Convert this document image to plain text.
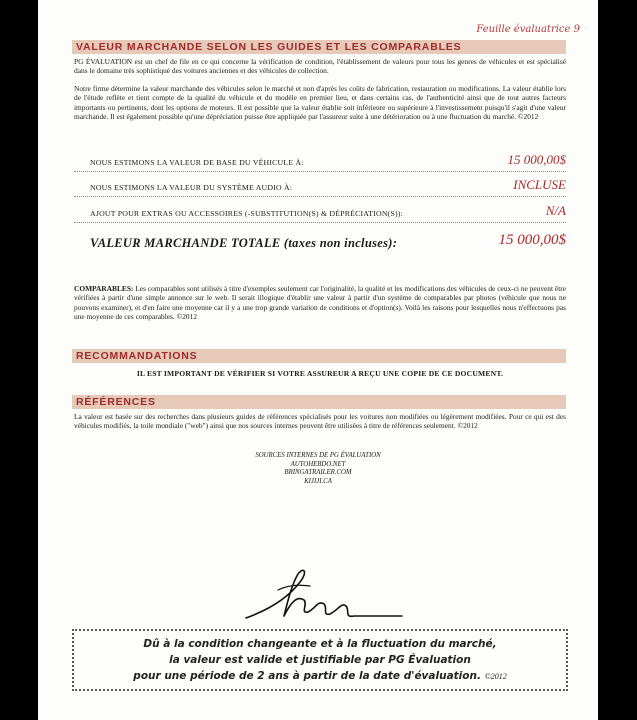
Feuille évaluatrice 9
VALEUR MARCHANDE SELON LES GUIDES ET LES COMPARABLES

PG ÉVALUATION est un chef de file en ce qui concerne la vérification de condition, l'établissement de valeurs pour tous les genres de véhicules et est spécialisé dans le domaine très sophistiqué des voitures anciennes et des véhicules de collection.

Notre firme détermine la valeur marchande des véhicules selon le marché et non d'après les coûts de fabrication, restauration ou modifications. La valeur établie lors de l'étude reflète et tient compte de la qualité du véhicule et du modèle en premier lieu, et dans certains cas, de l'authenticité ainsi que de tout autres facteurs importants ou pertinents, dont les options de moteurs. Il est possible que la valeur établie soit inférieure ou supérieure à l'investissement puisqu'il s'agit d'une valeur marchande. Il est également possible qu'une dépréciation puisse être appliquée par l'assureur suite à une détérioration ou à une fluctuation du marché. ©2012

NOUS ESTIMONS LA VALEUR DE BASE DU VÉHICULE À:	15 000,00$
NOUS ESTIMONS LA VALEUR DU SYSTÈME AUDIO À:	INCLUSE
AJOUT POUR EXTRAS OU ACCESSOIRES (-SUBSTITUTION(S) & DÉPRÉCIATION(S)):	N/A
VALEUR MARCHANDE TOTALE (taxes non incluses):	15 000,00$

COMPARABLES: Les comparables sont utilisés à titre d'exemples seulement car l'originalité, la qualité et les modifications des véhicules de ceux-ci ne peuvent être vérifiées à partir d'une simple annonce sur le web. Il serait illogique d'établir une valeur à partir d'un système de comparables par photos (véhicule que nous ne pouvons examiner), et d'en faire une moyenne car il y a une trop grande variation de conditions et d'option(s). Voilà les raisons pour lesquelles nous n'effectuons pas une moyenne de ces comparables. ©2012

RECOMMANDATIONS
IL EST IMPORTANT DE VÉRIFIER SI VOTRE ASSUREUR A REÇU UNE COPIE DE CE DOCUMENT.
RÉFÉRENCES

La valeur est basée sur des recherches dans plusieurs guides de références spécialisés pour les voitures non modifiées ou légèrement modifiées. Pour ce qui est des véhicules modifiés, la toile mondiale ("web") ainsi que nos sources internes peuvent être utilisées à titre de références seulement. ©2012

SOURCES INTERNES DE PG ÉVALUATION
AUTOHEBDO.NET
BRINGATRAILER.COM
KIJIJI.CA
Dû à la condition changeante et à la fluctuation du marché,
la valeur est valide et justifiable par PG Évaluation
pour une période de 2 ans à partir de la date d'évaluation. ©2012
